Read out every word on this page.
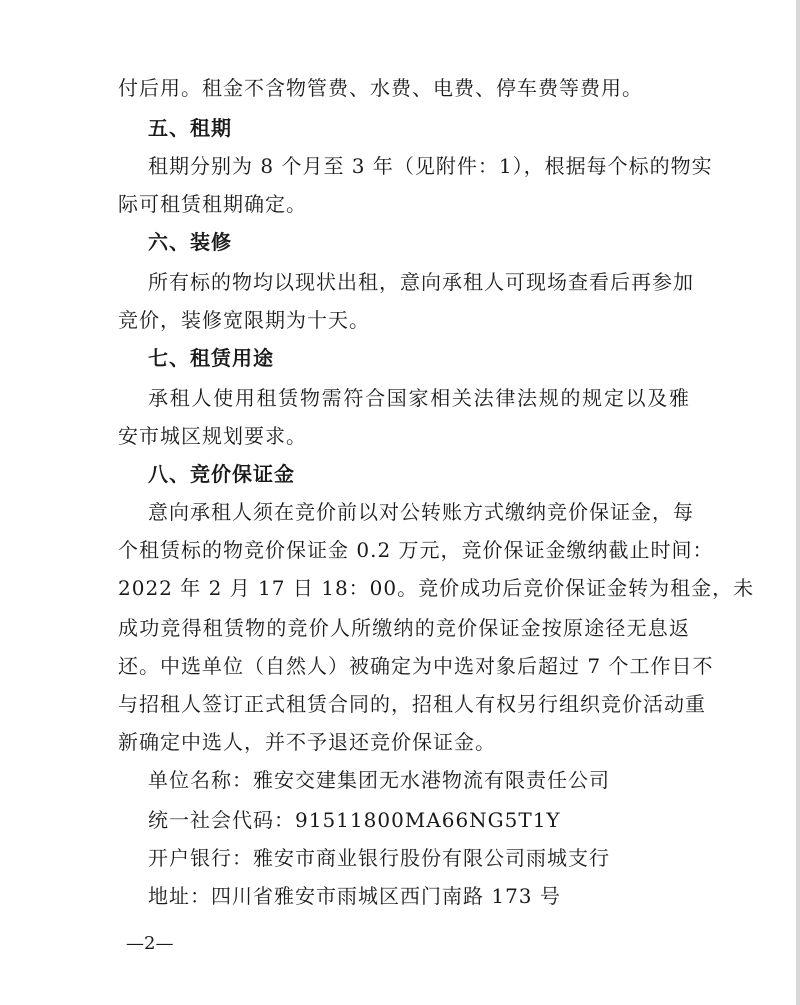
付后用。租金不含物管费、水费、电费、停车费等费用。
五、租期
租期分别为 8 个月至 3 年（见附件：1），根据每个标的物实
际可租赁租期确定。
六、装修
所有标的物均以现状出租，意向承租人可现场查看后再参加
竞价，装修宽限期为十天。
七、租赁用途
承租人使用租赁物需符合国家相关法律法规的规定以及雅
安市城区规划要求。
八、竞价保证金
意向承租人须在竞价前以对公转账方式缴纳竞价保证金，每
个租赁标的物竞价保证金 0.2 万元，竞价保证金缴纳截止时间：
2022 年 2 月 17 日 18：00。竞价成功后竞价保证金转为租金，未
成功竞得租赁物的竞价人所缴纳的竞价保证金按原途径无息返
还。中选单位（自然人）被确定为中选对象后超过 7 个工作日不
与招租人签订正式租赁合同的，招租人有权另行组织竞价活动重
新确定中选人，并不予退还竞价保证金。
单位名称：雅安交建集团无水港物流有限责任公司
统一社会代码：91511800MA66NG5T1Y
开户银行：雅安市商业银行股份有限公司雨城支行
地址：四川省雅安市雨城区西门南路 173 号
—2—
